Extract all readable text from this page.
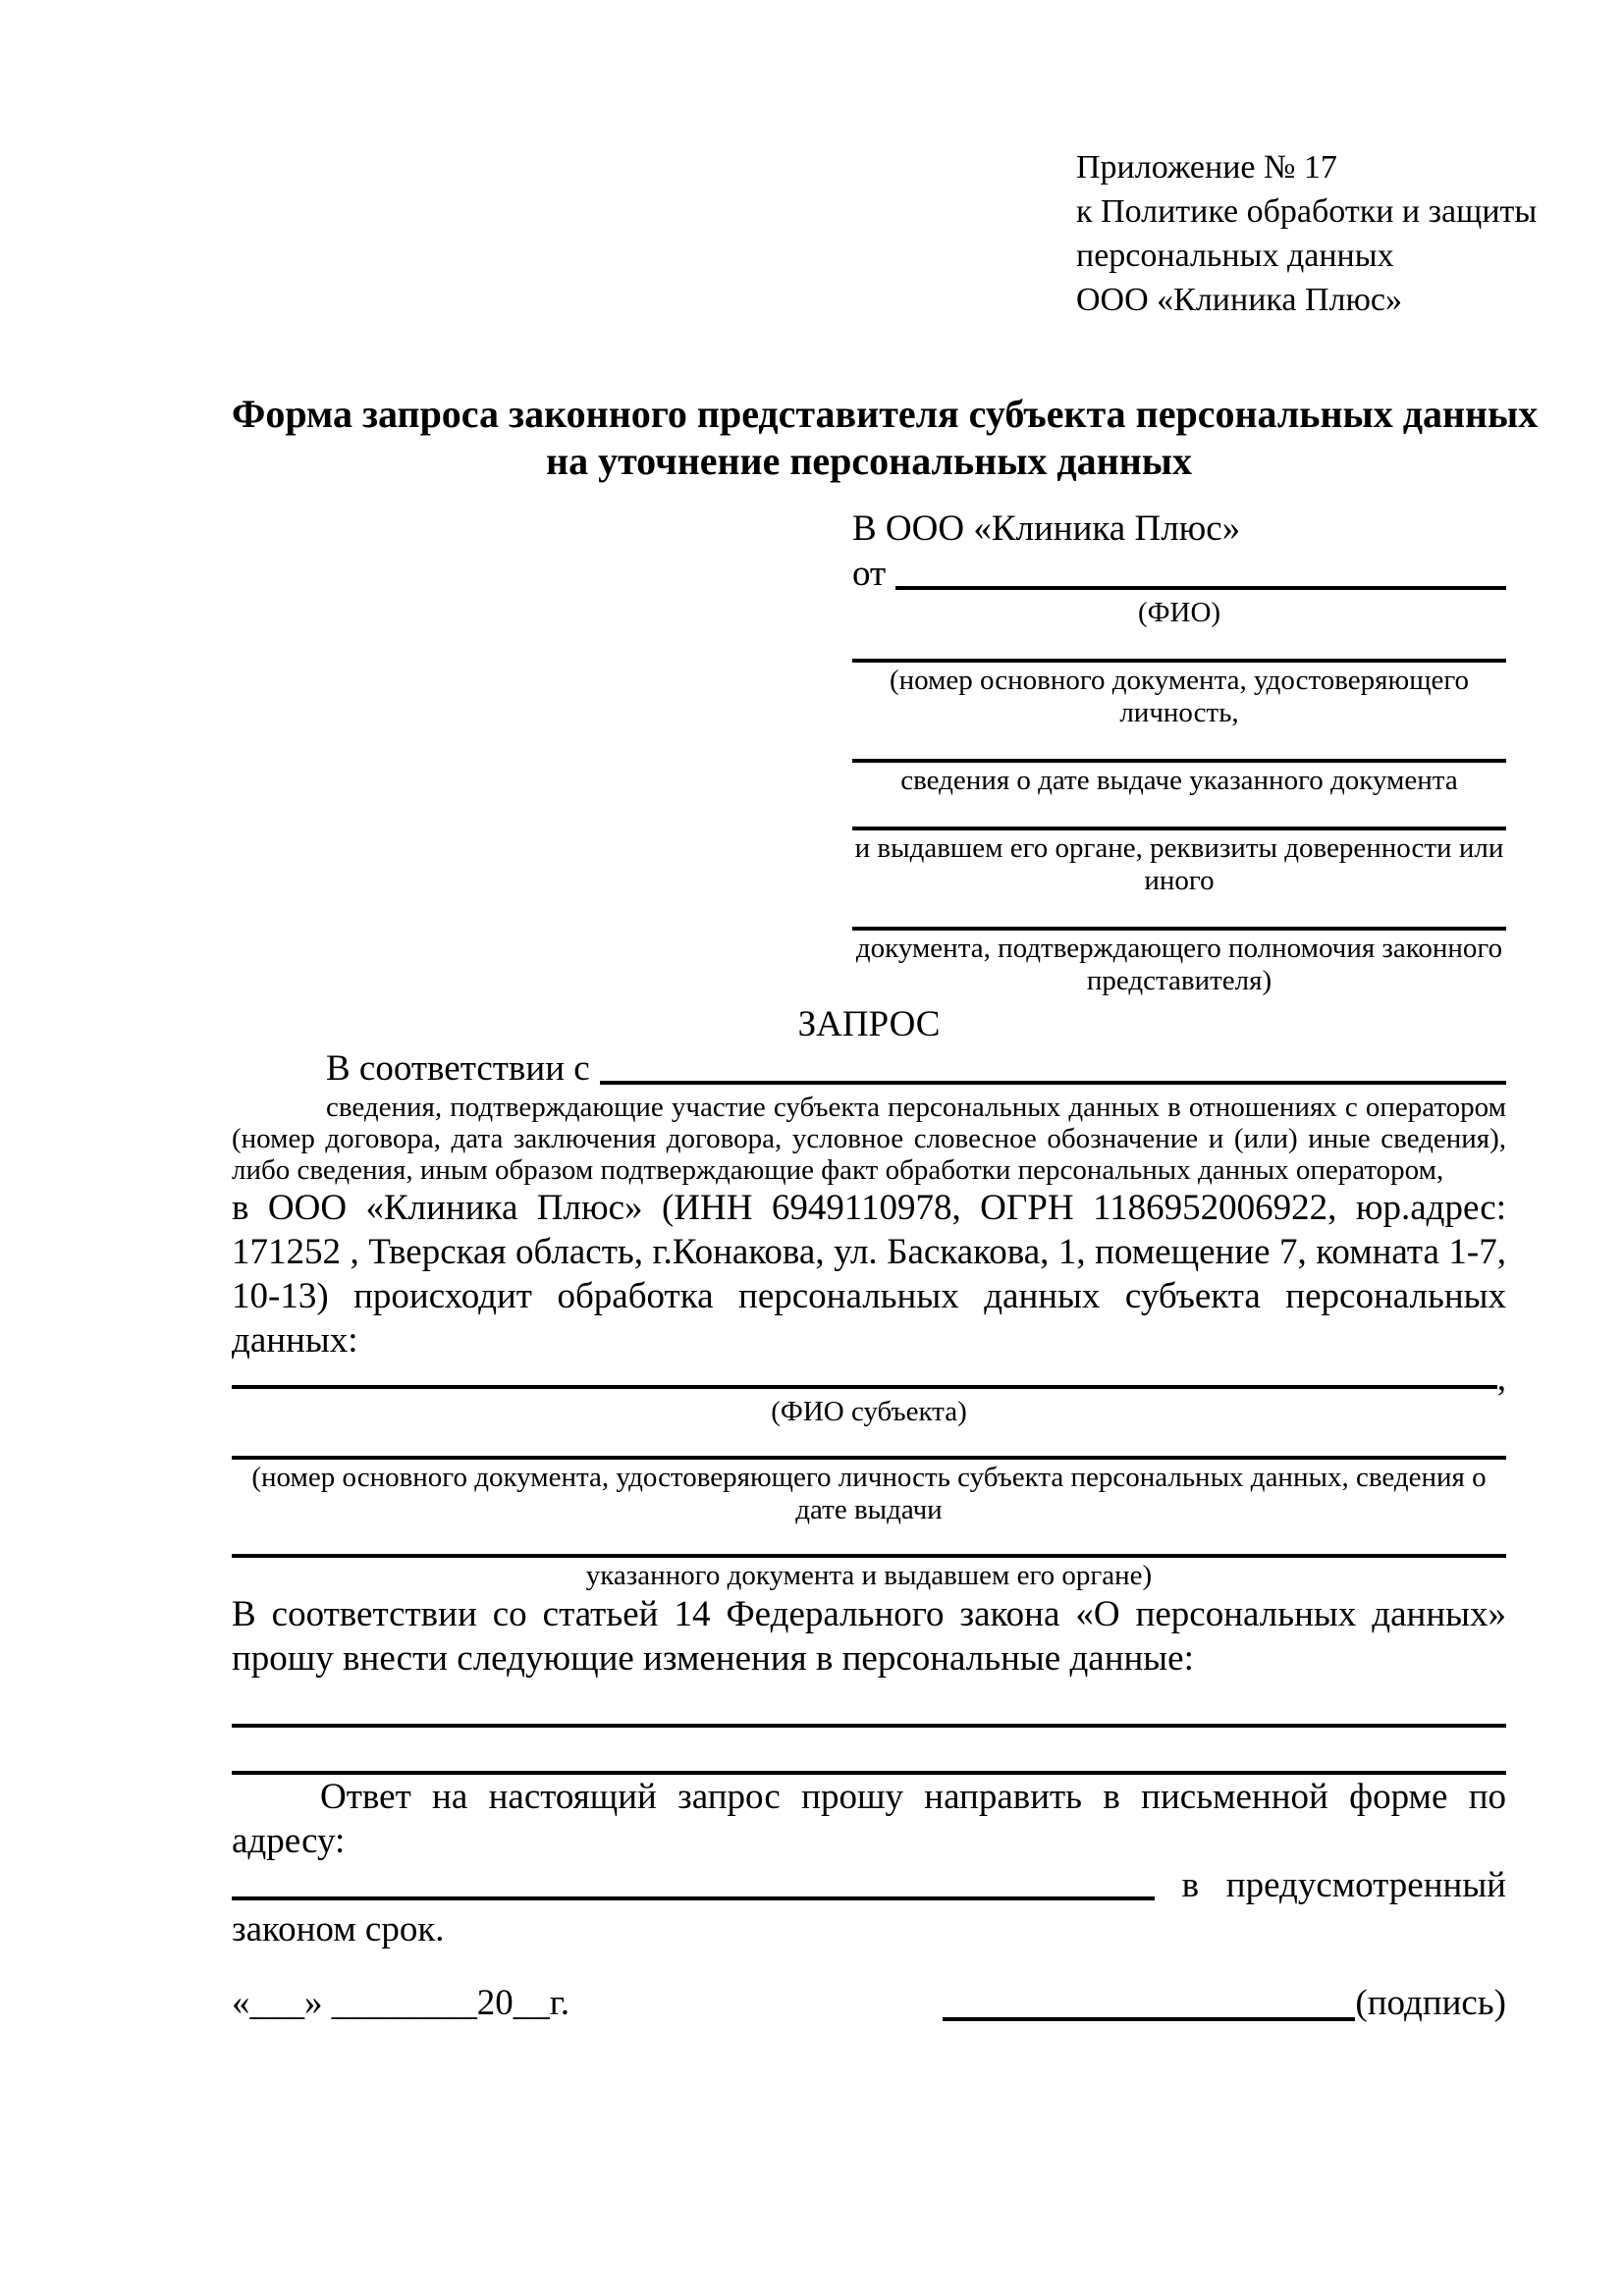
Приложение № 17
к Политике обработки и защиты
персональных данных
ООО «Клиника Плюс»
Форма запроса законного представителя субъекта персональных данных
на уточнение персональных данных
В ООО «Клиника Плюс»
от
(ФИО)
(номер основного документа, удостоверяющего личность,
сведения о дате выдаче указанного документа
и выдавшем его органе, реквизиты доверенности или иного
документа, подтверждающего полномочия законного представителя)
ЗАПРОС
В соответствии с
сведения, подтверждающие участие субъекта персональных данных в отношениях с оператором (номер договора, дата заключения договора, условное словесное обозначение и (или) иные сведения), либо сведения, иным образом подтверждающие факт обработки персональных данных оператором,

в ООО «Клиника Плюс» (ИНН 6949110978, ОГРН 1186952006922, юр.адрес: 171252 , Тверская область, г.Конакова, ул. Баскакова, 1, помещение 7, комната 1-7, 10-13) происходит обработка персональных данных субъекта персональных данных:

,
(ФИО субъекта)
(номер основного документа, удостоверяющего личность субъекта персональных данных, сведения о дате выдачи
указанного документа и выдавшем его органе)

В соответствии со статьей 14 Федерального закона «О персональных данных» прошу внести следующие изменения в персональные данные:

Ответ на настоящий запрос прошу направить в письменной форме по адресу:

в предусмотренный
законом срок.
«___» ________20__г.	(подпись)
